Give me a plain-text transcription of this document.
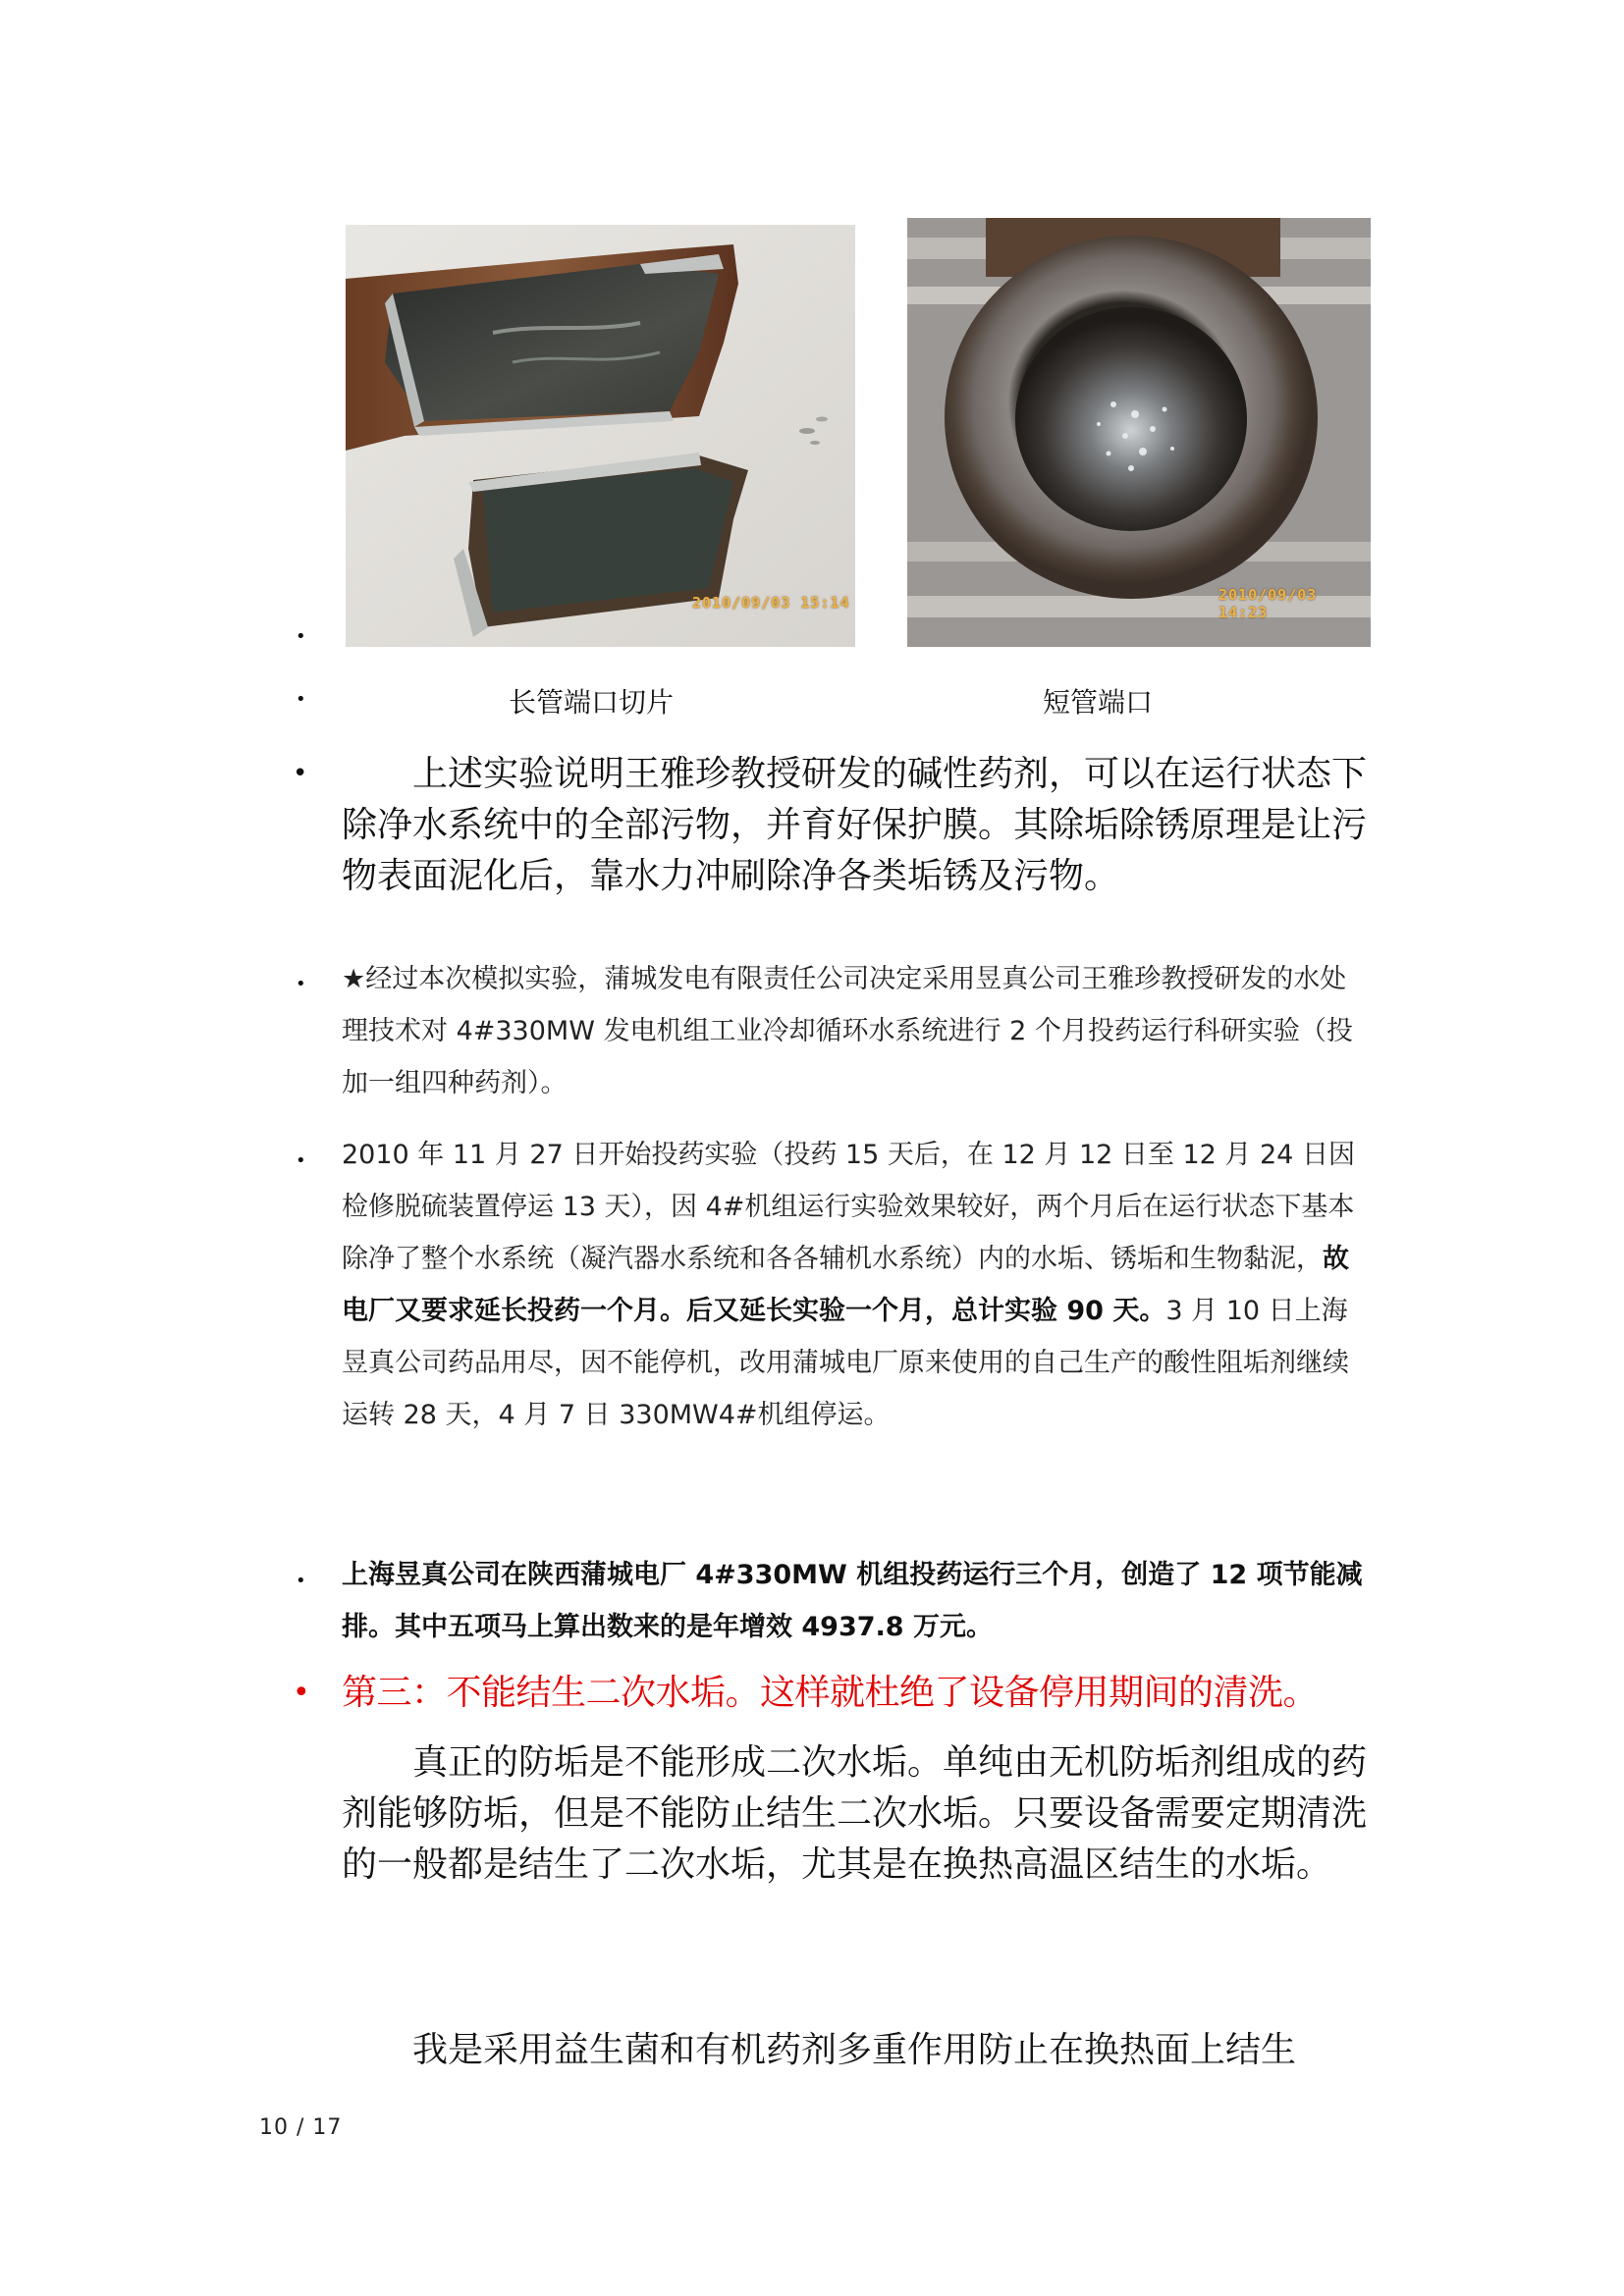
2010/09/03 15:14	2010/09/03 14:23
•
•	长管端口切片	短管端口
•	上述实验说明王雅珍教授研发的碱性药剂，可以在运行状态下除净水系统中的全部污物，并育好保护膜。其除垢除锈原理是让污物表面泥化后，靠水力冲刷除净各类垢锈及污物。
• ★经过本次模拟实验，蒲城发电有限责任公司决定采用昱真公司王雅珍教授研发的水处理技术对 4#330MW 发电机组工业冷却循环水系统进行 2 个月投药运行科研实验（投加一组四种药剂）。
• 2010 年 11 月 27 日开始投药实验（投药 15 天后，在 12 月 12 日至 12 月 24 日因检修脱硫装置停运 13 天），因 4#机组运行实验效果较好，两个月后在运行状态下基本除净了整个水系统（凝汽器水系统和各各辅机水系统）内的水垢、锈垢和生物黏泥，故电厂又要求延长投药一个月。后又延长实验一个月，总计实验 90 天。3 月 10 日上海昱真公司药品用尽，因不能停机，改用蒲城电厂原来使用的自己生产的酸性阻垢剂继续运转 28 天，4 月 7 日 330MW4#机组停运。
• 上海昱真公司在陕西蒲城电厂 4#330MW 机组投药运行三个月，创造了 12 项节能减排。其中五项马上算出数来的是年增效 4937.8 万元。
• 第三：不能结生二次水垢。这样就杜绝了设备停用期间的清洗。
真正的防垢是不能形成二次水垢。单纯由无机防垢剂组成的药剂能够防垢，但是不能防止结生二次水垢。只要设备需要定期清洗的一般都是结生了二次水垢，尤其是在换热高温区结生的水垢。
我是采用益生菌和有机药剂多重作用防止在换热面上结生
10 / 17
